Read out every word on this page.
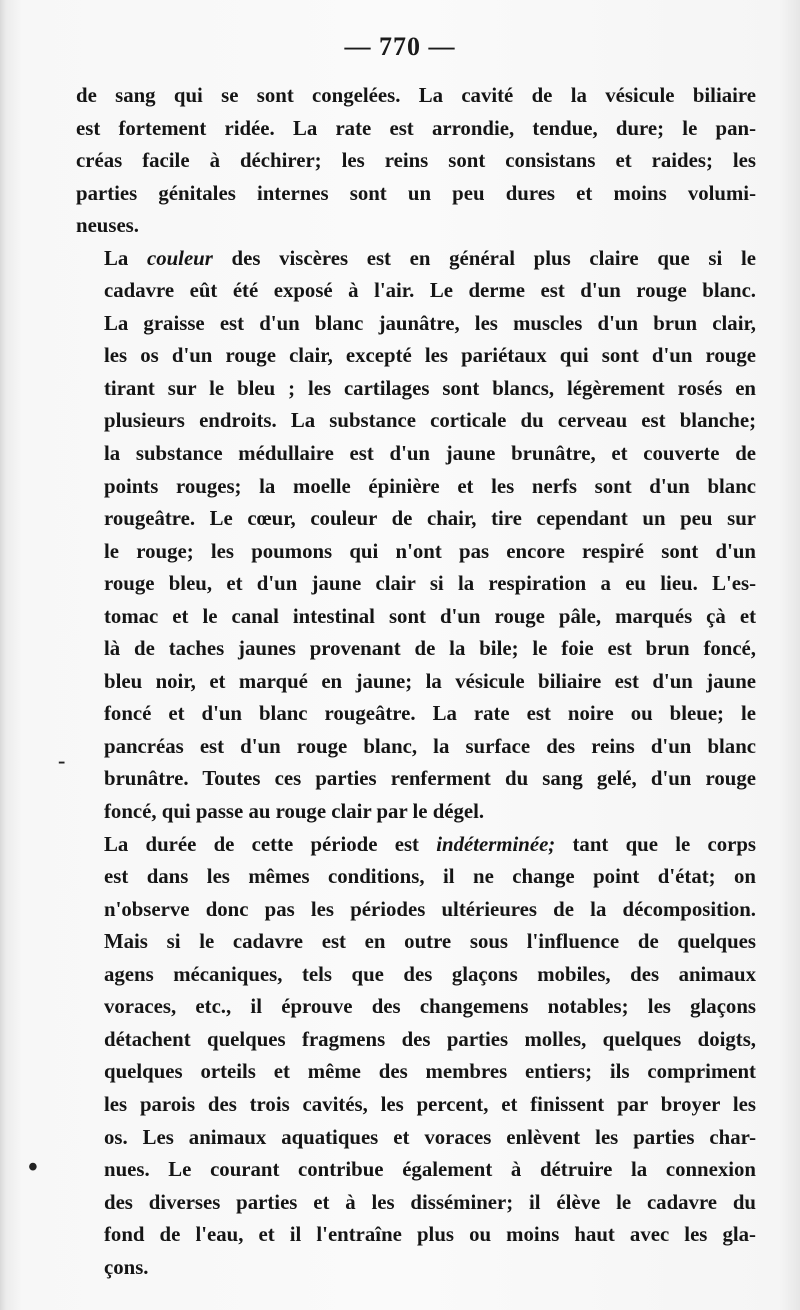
— 770 —

de sang qui se sont congelées. La cavité de la vésicule biliaire
est fortement ridée. La rate est arrondie, tendue, dure; le pan-
créas facile à déchirer; les reins sont consistans et raides; les
parties génitales internes sont un peu dures et moins volumi-
neuses.

La couleur des viscères est en général plus claire que si le
cadavre eût été exposé à l'air. Le derme est d'un rouge blanc.
La graisse est d'un blanc jaunâtre, les muscles d'un brun clair,
les os d'un rouge clair, excepté les pariétaux qui sont d'un rouge
tirant sur le bleu ; les cartilages sont blancs, légèrement rosés en
plusieurs endroits. La substance corticale du cerveau est blanche;
la substance médullaire est d'un jaune brunâtre, et couverte de
points rouges; la moelle épinière et les nerfs sont d'un blanc
rougeâtre. Le cœur, couleur de chair, tire cependant un peu sur
le rouge; les poumons qui n'ont pas encore respiré sont d'un
rouge bleu, et d'un jaune clair si la respiration a eu lieu. L'es-
tomac et le canal intestinal sont d'un rouge pâle, marqués çà et
là de taches jaunes provenant de la bile; le foie est brun foncé,
bleu noir, et marqué en jaune; la vésicule biliaire est d'un jaune
foncé et d'un blanc rougeâtre. La rate est noire ou bleue; le
pancréas est d'un rouge blanc, la surface des reins d'un blanc
brunâtre. Toutes ces parties renferment du sang gelé, d'un rouge
foncé, qui passe au rouge clair par le dégel.

La durée de cette période est indéterminée; tant que le corps
est dans les mêmes conditions, il ne change point d'état; on
n'observe donc pas les périodes ultérieures de la décomposition.
Mais si le cadavre est en outre sous l'influence de quelques
agens mécaniques, tels que des glaçons mobiles, des animaux
voraces, etc., il éprouve des changemens notables; les glaçons
détachent quelques fragmens des parties molles, quelques doigts,
quelques orteils et même des membres entiers; ils compriment
les parois des trois cavités, les percent, et finissent par broyer les
os. Les animaux aquatiques et voraces enlèvent les parties char-
nues. Le courant contribue également à détruire la connexion
des diverses parties et à les disséminer; il élève le cadavre du
fond de l'eau, et il l'entraîne plus ou moins haut avec les gla-
çons.

-
•
